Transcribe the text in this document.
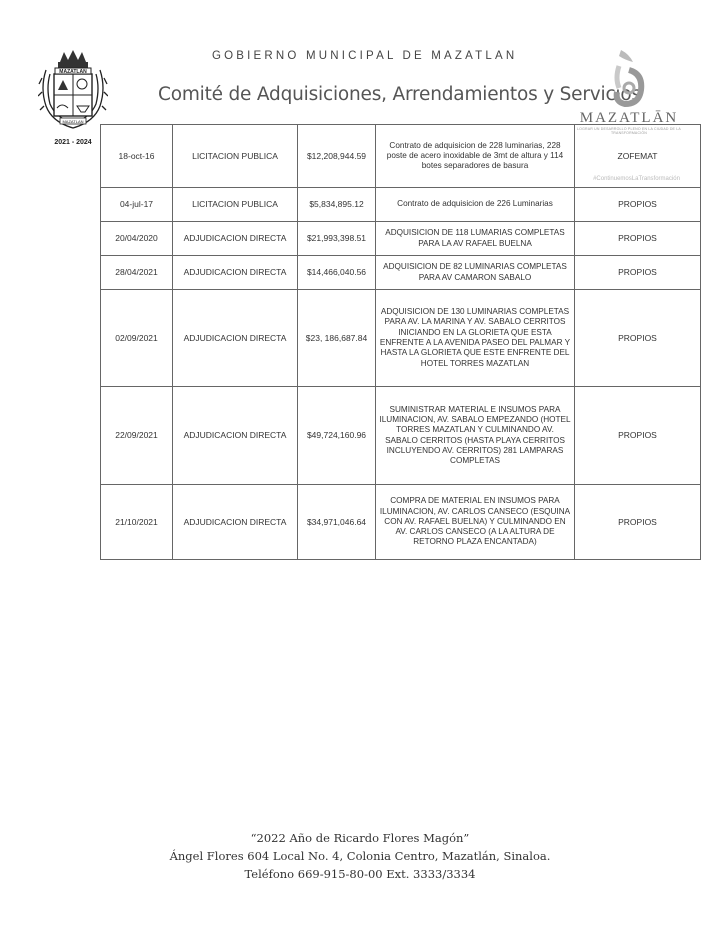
MAZATLAN
MAZATLAN
2021 - 2024
GOBIERNO MUNICIPAL DE MAZATLAN
Comité de Adquisiciones, Arrendamientos y Servicios
MAZATLĀN
LOGRAR UN DESARROLLO PLENO EN LA CIUDAD DE LA TRANSFORMACIÓN
18-oct-16	LICITACION PUBLICA	$12,208,944.59	Contrato de adquisicion de 228 luminarias, 228 poste de acero inoxidable de 3mt de altura y 114 botes separadores de basura	ZOFEMAT
#ContinuemosLaTransformación

04-jul-17	LICITACION PUBLICA	$5,834,895.12	Contrato de adquisicion de 226 Luminarias	PROPIOS
20/04/2020	ADJUDICACION DIRECTA	$21,993,398.51	ADQUISICION DE 118 LUMARIAS COMPLETAS PARA LA AV RAFAEL BUELNA	PROPIOS
28/04/2021	ADJUDICACION DIRECTA	$14,466,040.56	ADQUISICION DE 82 LUMINARIAS COMPLETAS PARA AV CAMARON SABALO	PROPIOS
02/09/2021	ADJUDICACION DIRECTA	$23, 186,687.84	ADQUISICION DE 130 LUMINARIAS COMPLETAS PARA AV. LA MARINA Y AV. SABALO CERRITOS INICIANDO EN LA GLORIETA QUE ESTA ENFRENTE A LA AVENIDA PASEO DEL PALMAR Y HASTA LA GLORIETA QUE ESTE ENFRENTE DEL HOTEL TORRES MAZATLAN	PROPIOS
22/09/2021	ADJUDICACION DIRECTA	$49,724,160.96	SUMINISTRAR MATERIAL E INSUMOS PARA ILUMINACION, AV. SABALO EMPEZANDO (HOTEL TORRES MAZATLAN Y CULMINANDO AV. SABALO CERRITOS (HASTA PLAYA CERRITOS INCLUYENDO AV. CERRITOS) 281 LAMPARAS COMPLETAS	PROPIOS
21/10/2021	ADJUDICACION DIRECTA	$34,971,046.64	COMPRA DE MATERIAL EN INSUMOS PARA ILUMINACION, AV. CARLOS CANSECO (ESQUINA CON AV. RAFAEL BUELNA) Y CULMINANDO EN AV. CARLOS CANSECO (A LA ALTURA DE RETORNO PLAZA ENCANTADA)	PROPIOS
“2022 Año de Ricardo Flores Magón”
Ángel Flores 604 Local No. 4, Colonia Centro, Mazatlán, Sinaloa.
Teléfono 669-915-80-00 Ext. 3333/3334
